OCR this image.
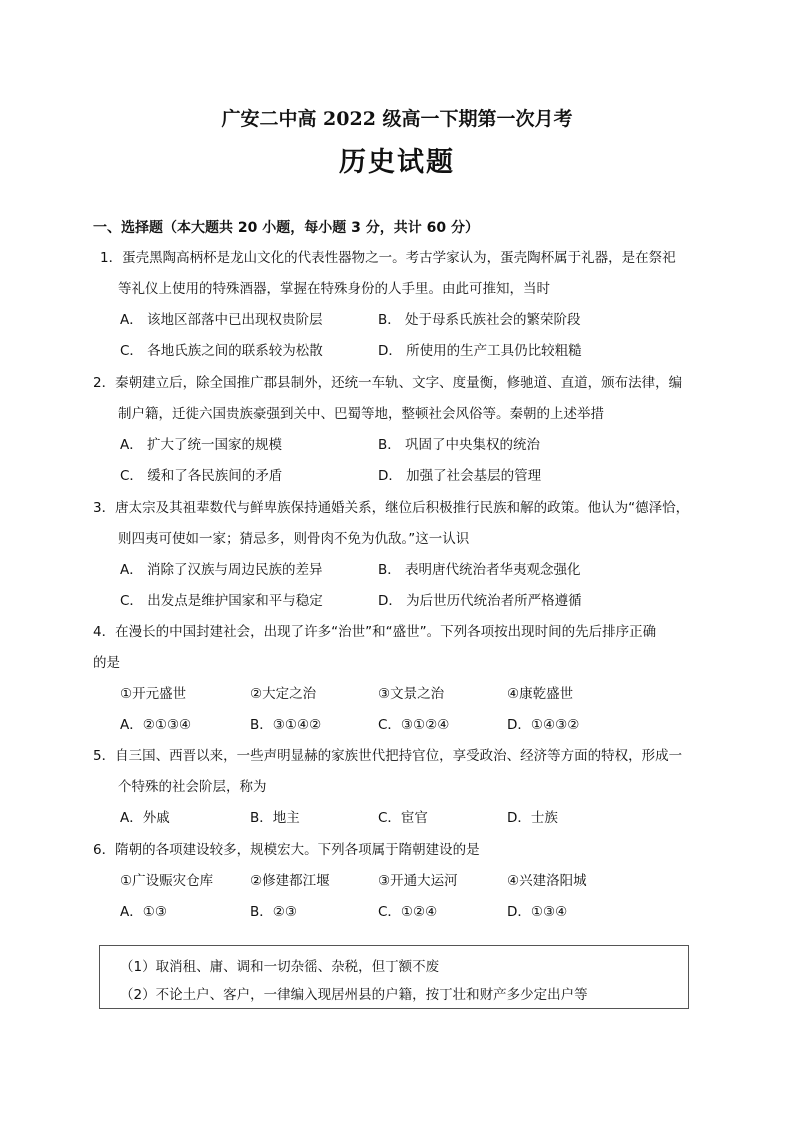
广安二中高 2022 级高一下期第一次月考
历史试题
一、选择题（本大题共 20 小题，每小题 3 分，共计 60 分）
1．蛋壳黑陶高柄杯是龙山文化的代表性器物之一。考古学家认为，蛋壳陶杯属于礼器，是在祭祀
等礼仪上使用的特殊酒器，掌握在特殊身份的人手里。由此可推知，当时
A． 该地区部落中已出现权贵阶层	B． 处于母系氏族社会的繁荣阶段
C． 各地氏族之间的联系较为松散	D． 所使用的生产工具仍比较粗糙
2．秦朝建立后，除全国推广郡县制外，还统一车轨、文字、度量衡，修驰道、直道，颁布法律，编
制户籍，迁徙六国贵族豪强到关中、巴蜀等地，整顿社会风俗等。秦朝的上述举措
A． 扩大了统一国家的规模	B． 巩固了中央集权的统治
C． 缓和了各民族间的矛盾	D． 加强了社会基层的管理
3．唐太宗及其祖辈数代与鲜卑族保持通婚关系，继位后积极推行民族和解的政策。他认为“德泽恰，
则四夷可使如一家；猜忌多，则骨肉不免为仇敌。”这一认识
A． 消除了汉族与周边民族的差异	B． 表明唐代统治者华夷观念强化
C． 出发点是维护国家和平与稳定	D． 为后世历代统治者所严格遵循
4．在漫长的中国封建社会，出现了许多“治世”和“盛世”。下列各项按出现时间的先后排序正确
的是
①开元盛世	②大定之治	③文景之治	④康乾盛世
A．②①③④	B．③①④②	C．③①②④	D．①④③②
5．自三国、西晋以来，一些声明显赫的家族世代把持官位，享受政治、经济等方面的特权，形成一
个特殊的社会阶层，称为
A．外戚	B．地主	C．宦官	D．士族
6．隋朝的各项建设较多，规模宏大。下列各项属于隋朝建设的是
①广设赈灾仓库	②修建都江堰	③开通大运河	④兴建洛阳城
A．①③	B．②③	C．①②④	D．①③④
（1）取消租、庸、调和一切杂徭、杂税，但丁额不废
（2）不论土户、客户，一律编入现居州县的户籍，按丁壮和财产多少定出户等
